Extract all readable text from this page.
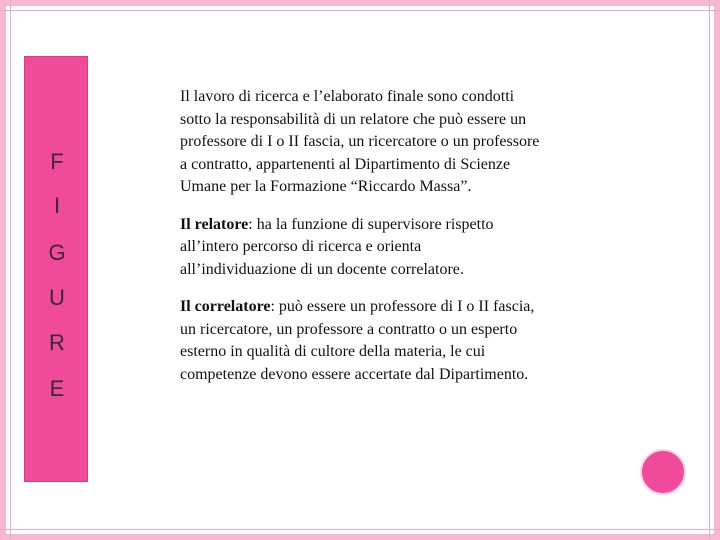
F
I
G
U
R
E

Il lavoro di ricerca e l’elaborato finale sono condotti sotto la responsabilità di un relatore che può essere un professore di I o II fascia, un ricercatore o un professore a contratto, appartenenti al Dipartimento di Scienze Umane per la Formazione “Riccardo Massa”.

Il relatore: ha la funzione di supervisore rispetto all’intero percorso di ricerca e orienta all’individuazione di un docente correlatore.

Il correlatore: può essere un professore di I o II fascia, un ricercatore, un professore a contratto o un esperto esterno in qualità di cultore della materia, le cui competenze devono essere accertate dal Dipartimento.
